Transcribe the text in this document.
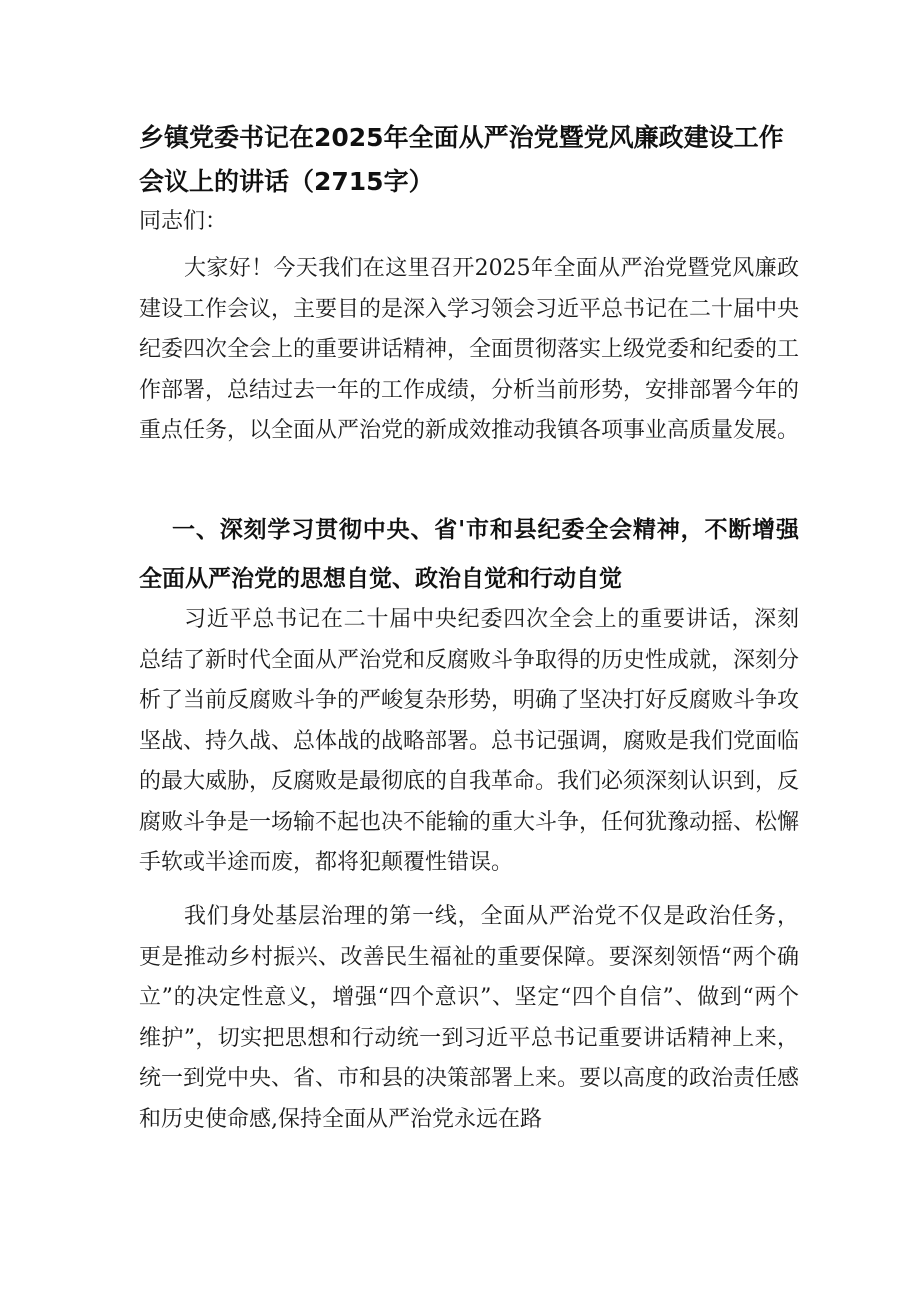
乡镇党委书记在2025年全面从严治党暨党风廉政建设工作会议上的讲话（2715字）

同志们：

大家好！今天我们在这里召开2025年全面从严治党暨党风廉政建设工作会议，主要目的是深入学习领会习近平总书记在二十届中央纪委四次全会上的重要讲话精神，全面贯彻落实上级党委和纪委的工作部署，总结过去一年的工作成绩，分析当前形势，安排部署今年的重点任务，以全面从严治党的新成效推动我镇各项事业高质量发展。

一、深刻学习贯彻中央、省'市和县纪委全会精神，不断增强全面从严治党的思想自觉、政治自觉和行动自觉

习近平总书记在二十届中央纪委四次全会上的重要讲话，深刻总结了新时代全面从严治党和反腐败斗争取得的历史性成就，深刻分析了当前反腐败斗争的严峻复杂形势，明确了坚决打好反腐败斗争攻坚战、持久战、总体战的战略部署。总书记强调，腐败是我们党面临的最大威胁，反腐败是最彻底的自我革命。我们必须深刻认识到，反腐败斗争是一场输不起也决不能输的重大斗争，任何犹豫动摇、松懈手软或半途而废，都将犯颠覆性错误。

我们身处基层治理的第一线，全面从严治党不仅是政治任务，更是推动乡村振兴、改善民生福祉的重要保障。要深刻领悟“两个确立”的决定性意义，增强“四个意识”、坚定“四个自信”、做到“两个维护”，切实把思想和行动统一到习近平总书记重要讲话精神上来，统一到党中央、省、市和县的决策部署上来。要以高度的政治责任感和历史使命感,保持全面从严治党永远在路
